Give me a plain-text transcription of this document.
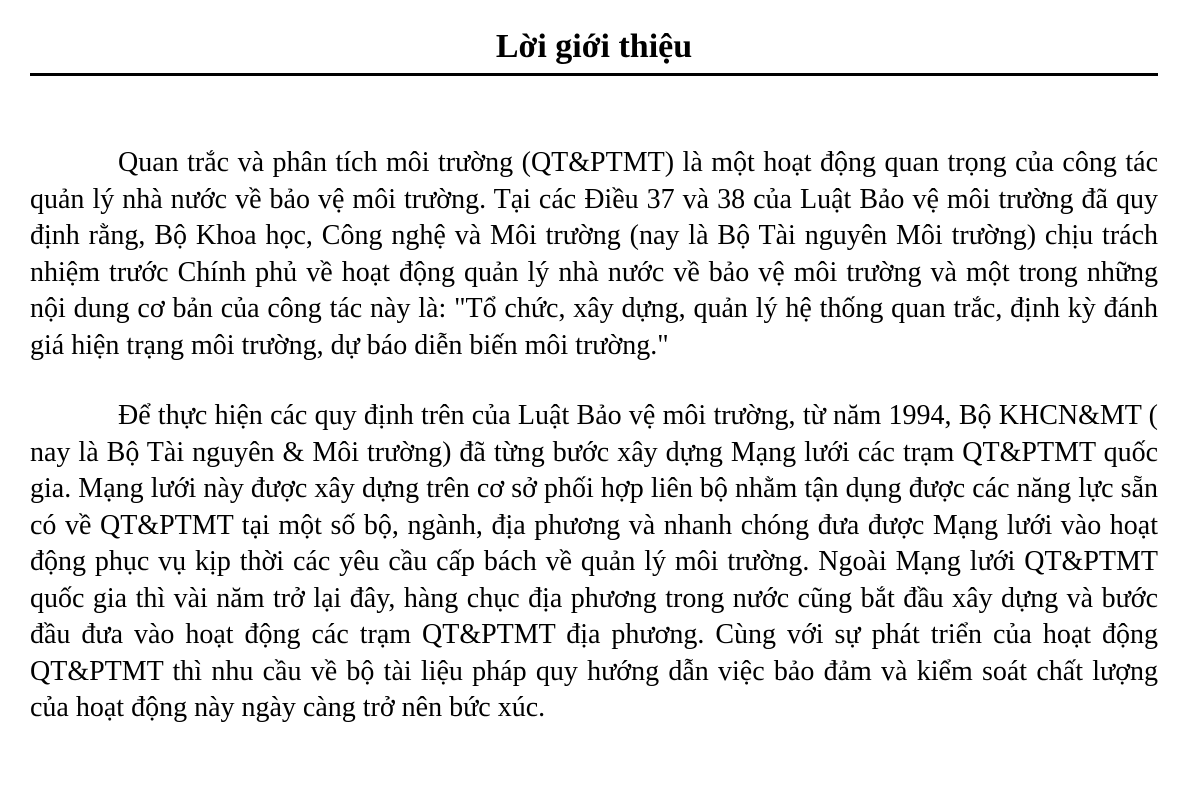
Lời giới thiệu

Quan trắc và phân tích môi trường (QT&PTMT) là một hoạt động quan trọng của công tác quản lý nhà nước về bảo vệ môi trường. Tại các Điều 37 và 38 của Luật Bảo vệ môi trường đã quy định rằng, Bộ Khoa học, Công nghệ và Môi trường (nay là Bộ Tài nguyên Môi trường) chịu trách nhiệm trước Chính phủ về hoạt động quản lý nhà nước về bảo vệ môi trường và một trong những nội dung cơ bản của công tác này là: "Tổ chức, xây dựng, quản lý hệ thống quan trắc, định kỳ đánh giá hiện trạng môi trường, dự báo diễn biến môi trường."

Để thực hiện các quy định trên của Luật Bảo vệ môi trường, từ năm 1994, Bộ KHCN&MT ( nay là Bộ Tài nguyên & Môi trường) đã từng bước xây dựng Mạng lưới các trạm QT&PTMT quốc gia. Mạng lưới này được xây dựng trên cơ sở phối hợp liên bộ nhằm tận dụng được các năng lực sẵn có về QT&PTMT tại một số bộ, ngành, địa phương và nhanh chóng đưa được Mạng lưới vào hoạt động phục vụ kịp thời các yêu cầu cấp bách về quản lý môi trường. Ngoài Mạng lưới QT&PTMT quốc gia thì vài năm trở lại đây, hàng chục địa phương trong nước cũng bắt đầu xây dựng và bước đầu đưa vào hoạt động các trạm QT&PTMT địa phương. Cùng với sự phát triển của hoạt động QT&PTMT thì nhu cầu về bộ tài liệu pháp quy hướng dẫn việc bảo đảm và kiểm soát chất lượng của hoạt động này ngày càng trở nên bức xúc.
